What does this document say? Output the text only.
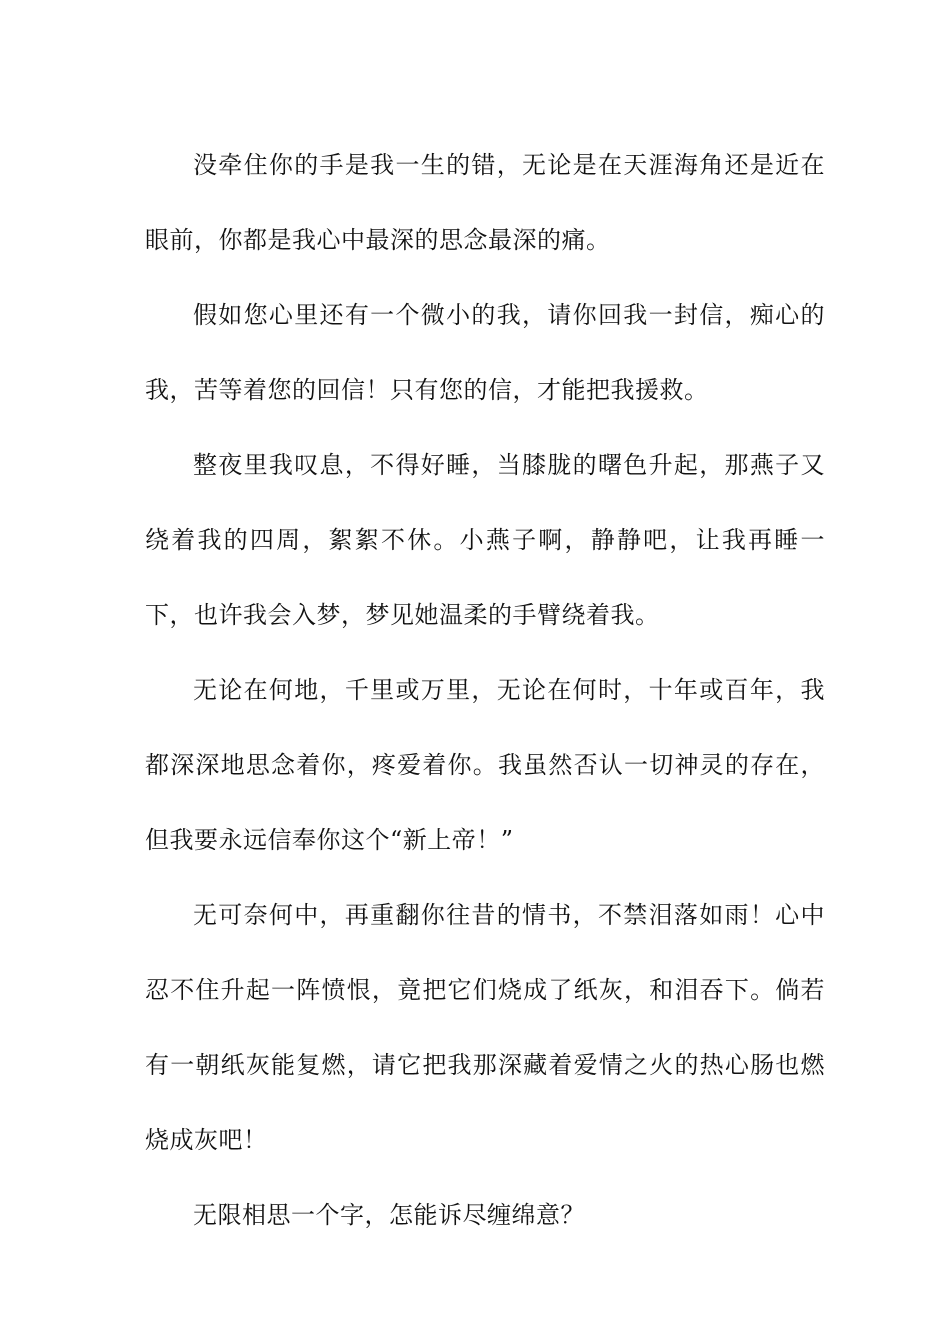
没牵住你的手是我一生的错，无论是在天涯海角还是近在眼前，你都是我心中最深的思念最深的痛。

假如您心里还有一个微小的我，请你回我一封信，痴心的我，苦等着您的回信！只有您的信，才能把我援救。

整夜里我叹息，不得好睡，当膝胧的曙色升起，那燕子又绕着我的四周，絮絮不休。小燕子啊，静静吧，让我再睡一下，也许我会入梦，梦见她温柔的手臂绕着我。

无论在何地，千里或万里，无论在何时，十年或百年，我都深深地思念着你，疼爱着你。我虽然否认一切神灵的存在，但我要永远信奉你这个“新上帝！”

无可奈何中，再重翻你往昔的情书，不禁泪落如雨！心中忍不住升起一阵愤恨，竟把它们烧成了纸灰，和泪吞下。倘若有一朝纸灰能复燃，请它把我那深藏着爱情之火的热心肠也燃烧成灰吧！

无限相思一个字，怎能诉尽缠绵意？
